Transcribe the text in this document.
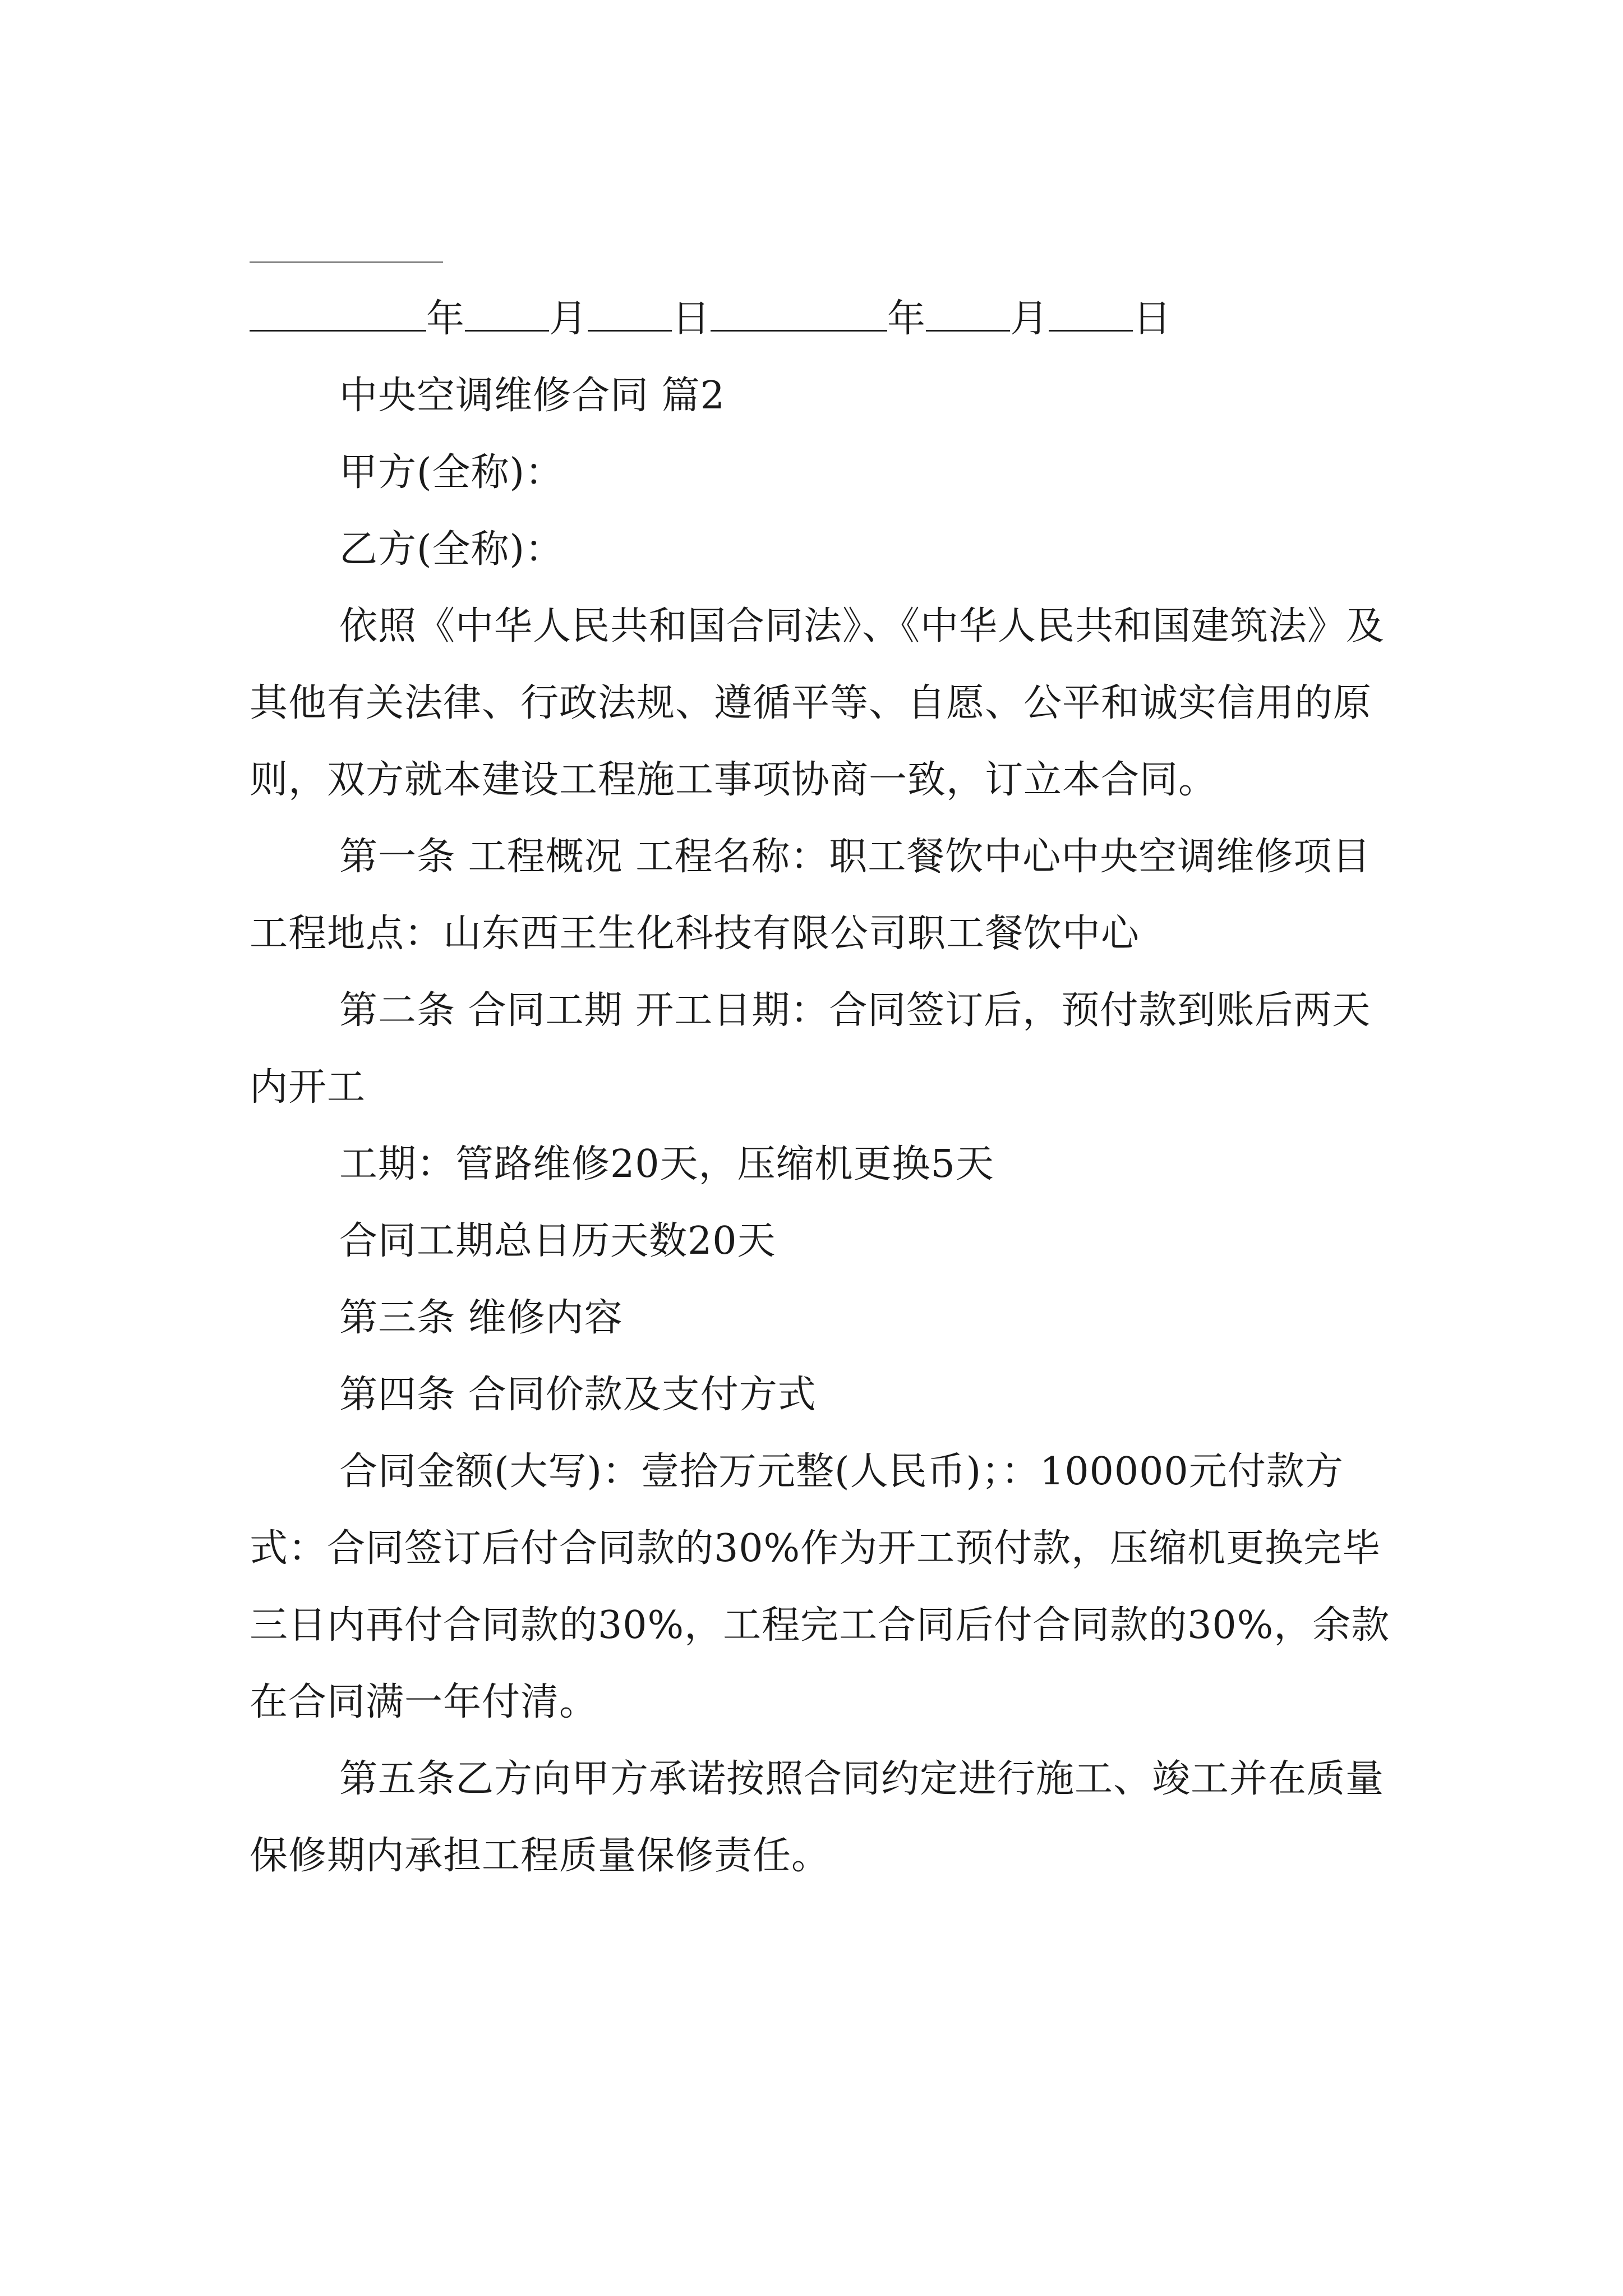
年 月 日	年 月 日

中央空调维修合同 篇2

甲方(全称)：

乙方(全称)：

依照《中华人民共和国合同法》、《中华人民共和国建筑法》及其他有关法律、行政法规、遵循平等、自愿、公平和诚实信用的原则，双方就本建设工程施工事项协商一致，订立本合同。

第一条 工程概况 工程名称：职工餐饮中心中央空调维修项目 工程地点：山东西王生化科技有限公司职工餐饮中心

第二条 合同工期 开工日期：合同签订后，预付款到账后两天内开工

工期：管路维修20天，压缩机更换5天

合同工期总日历天数20天

第三条 维修内容

第四条 合同价款及支付方式

合同金额(大写)：壹拾万元整(人民币)；：100000元付款方式：合同签订后付合同款的30%作为开工预付款，压缩机更换完毕三日内再付合同款的30%，工程完工合同后付合同款的30%，余款在合同满一年付清。

第五条乙方向甲方承诺按照合同约定进行施工、竣工并在质量保修期内承担工程质量保修责任。
